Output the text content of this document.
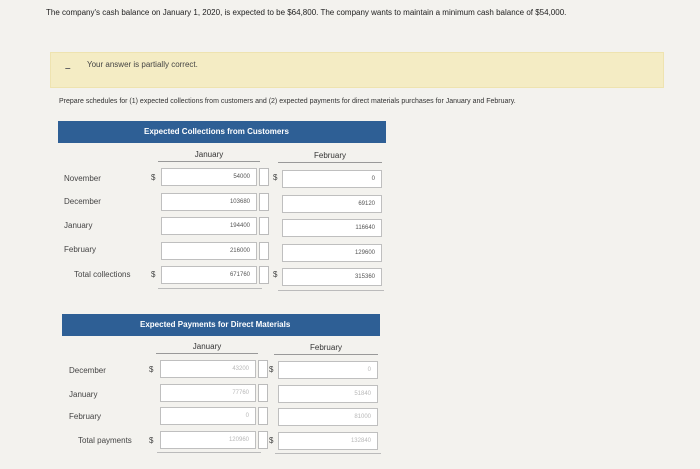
The company's cash balance on January 1, 2020, is expected to be $64,800. The company wants to maintain a minimum cash balance of $54,000.
– Your answer is partially correct.
Prepare schedules for (1) expected collections from customers and (2) expected payments for direct materials purchases for January and February.
Expected Collections from Customers
January	February
November	$	54000	$	0
December	103680	69120
January	194400	116640
February	216000	129600
Total collections	$	671760	$	315360
Expected Payments for Direct Materials
January	February
December	$	43200	$	0
January	77760	51840
February	0	81000
Total payments $	120960	$	132840
